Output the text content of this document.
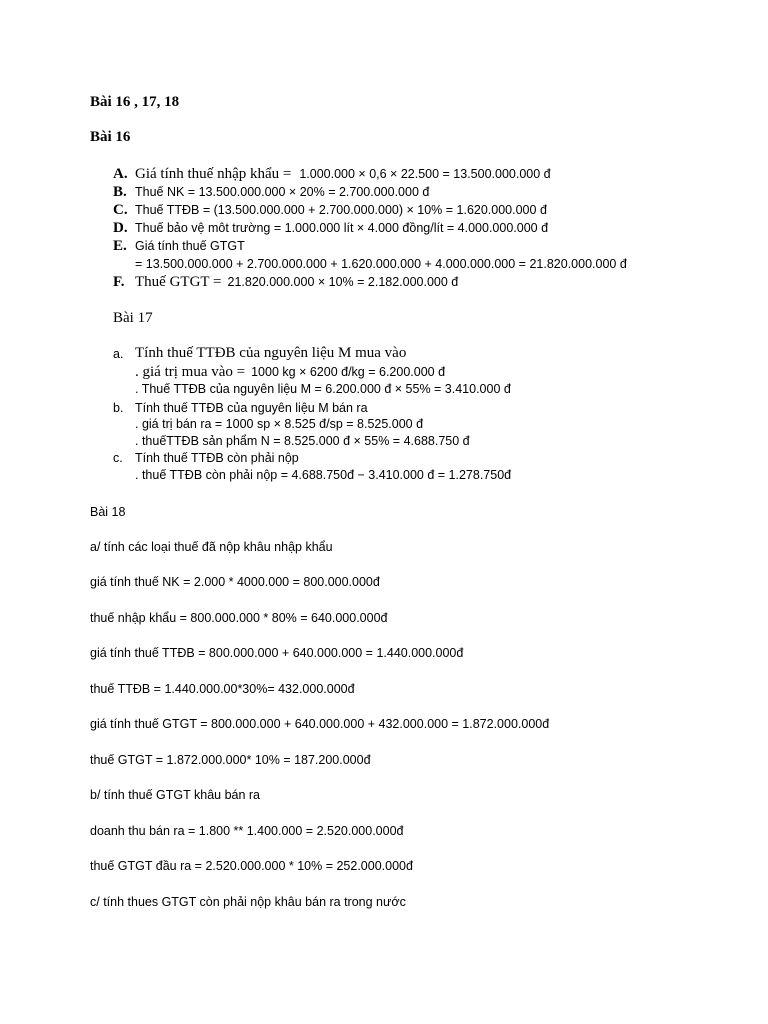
Bài 16 , 17, 18
Bài 16
A. Giá tính thuế nhập khẩu = 1.000.000 × 0,6 × 22.500 = 13.500.000.000 đ
B. Thuế NK = 13.500.000.000 × 20% = 2.700.000.000 đ
C. Thuế TTĐB = (13.500.000.000 + 2.700.000.000) × 10% = 1.620.000.000 đ
D. Thuế bảo vệ môt trường = 1.000.000 lít × 4.000 đồng/lít = 4.000.000.000 đ
E. Giá tính thuế GTGT
= 13.500.000.000 + 2.700.000.000 + 1.620.000.000 + 4.000.000.000 = 21.820.000.000 đ
F. Thuế GTGT = 21.820.000.000 × 10% = 2.182.000.000 đ
Bài 17
a. Tính thuế TTĐB của nguyên liệu M mua vào
. giá trị mua vào = 1000 kg × 6200 đ/kg = 6.200.000 đ
. Thuế TTĐB của nguyên liệu M = 6.200.000 đ × 55% = 3.410.000 đ
b. Tính thuế TTĐB của nguyên liệu M bán ra
. giá trị bán ra = 1000 sp × 8.525 đ/sp = 8.525.000 đ
. thuếTTĐB sản phẩm N = 8.525.000 đ × 55% = 4.688.750 đ
c. Tính thuế TTĐB còn phải nộp
. thuế TTĐB còn phải nộp = 4.688.750đ − 3.410.000 đ = 1.278.750đ
Bài 18
a/ tính các loại thuế đã nộp khâu nhập khẩu
giá tính thuế NK = 2.000 * 4000.000 = 800.000.000đ
thuế nhập khẩu = 800.000.000 * 80% = 640.000.000đ
giá tính thuế TTĐB = 800.000.000 + 640.000.000 = 1.440.000.000đ
thuế TTĐB = 1.440.000.00*30%= 432.000.000đ
giá tính thuế GTGT = 800.000.000 + 640.000.000 + 432.000.000 = 1.872.000.000đ
thuế GTGT = 1.872.000.000* 10% = 187.200.000đ
b/ tính thuế GTGT khâu bán ra
doanh thu bán ra = 1.800 ** 1.400.000 = 2.520.000.000đ
thuế GTGT đầu ra = 2.520.000.000 * 10% = 252.000.000đ
c/ tính thues GTGT còn phải nộp khâu bán ra trong nước
